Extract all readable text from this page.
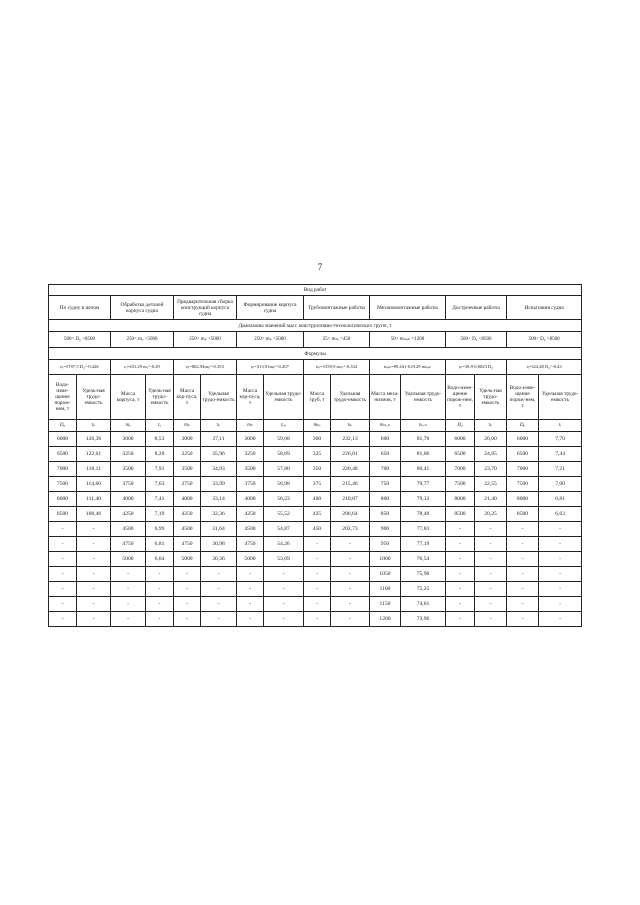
7
Вид работ															
По судну в целом		Обработка деталей корпуса судна		Предварительная сборка конструкций корпуса судна		Формирование корпуса судна		Трубомонтажные работы		Механомонтажные работы		Достроечные работы		Испытания судна	
Диапазоны значений масс конструктивно-технологических групп, т															
500< D₀ <8500		250< mₒ <5000		250< mₚ <5000		250< mₚ <5000		25< mₜₚ <450		50< mₘₑₕ <1200		500< D₀ <8500		500< D₀ <8500	
Формулы															
tₚ=5707,5 D₀^-0,426		tₒ=431,29 mₒ^-0,49		tₚ=862,94mₚ^-0,353		tₚ=313,91mₚ^-0,207		tₜₚ=1559,9 mₜₚ^-0,334		tₘₑₕ=89,441-0,0129 mₘₑₕ		tₚ=39,8-0,0023 D₀		tᵢ=324,48 D₀^-0,43	
Водо-изме-щение порож-нем, т	Удель-ная трудо-емкость	Масса корпуса, т	Удель-ная трудо-емкость	Масса кор-пуса, т	Удельная трудо-емкость	Масса кор-пуса, т	Удельная трудо-емкость	Масса труб, т	Удельная трудо-емкость	Масса меха-низмов, т	Удельная трудо-емкость	Водо-изме-щение порож-нем, т	Удель-ная трудо-емкость	Водо-изме-щение порож-нем, т	Удельная трудо-емкость
D₀	tₚ	mₒ	tₒ	mₚ	tₚ	mₖ	tₚₓ	mₜₚ	tₜₚ	mₘₑₕ	tₘₑₕ	D₀	tₚ	D₀	tᵢ
6000	126,36	3000	8,53	3000	37,11	3000	59,68	300	232,13	600	81,70	6000	26,00	6000	7,70
6500	122,01	3250	8,20	3250	35,96	3250	58,69	325	226,01	650	81,06	6500	24,85	6500	7,44
7000	118,11	3500	7,91	3500	34,93	3500	57,80	350	220,48	700	80,41	7000	23,70	7000	7,21
7500	114,60	3750	7,63	3750	33,99	3750	56,98	375	215,46	750	79,77	7500	22,55	7500	7,00
8000	111,40	4000	7,41	4000	33,14	4000	56,23	400	210,87	800	79,12	8000	21,40	8000	6,81
8500	108,46	4250	7,19	4250	32,36	4250	55,52	425	206,64	850	78,48	8500	20,25	8500	6,63
-	-	4500	6,99	4500	31,64	4500	54,87	450	202,73	900	77,83	-	-	-	-
-	-	4750	6,81	4750	30,98	4750	54,26	-	-	950	77,19	-	-	-	-
-	-	5000	6,64	5000	30,36	5000	53,69	-	-	1000	76,54	-	-	-	-
-	-	-	-	-	-	-	-	-	-	1050	75,90	-	-	-	-
-	-	-	-	-	-	-	-	-	-	1100	75,25	-	-	-	-
-	-	-	-	-	-	-	-	-	-	1150	74,61	-	-	-	-
-	-	-	-	-	-	-	-	-	-	1200	73,96	-	-	-	-
